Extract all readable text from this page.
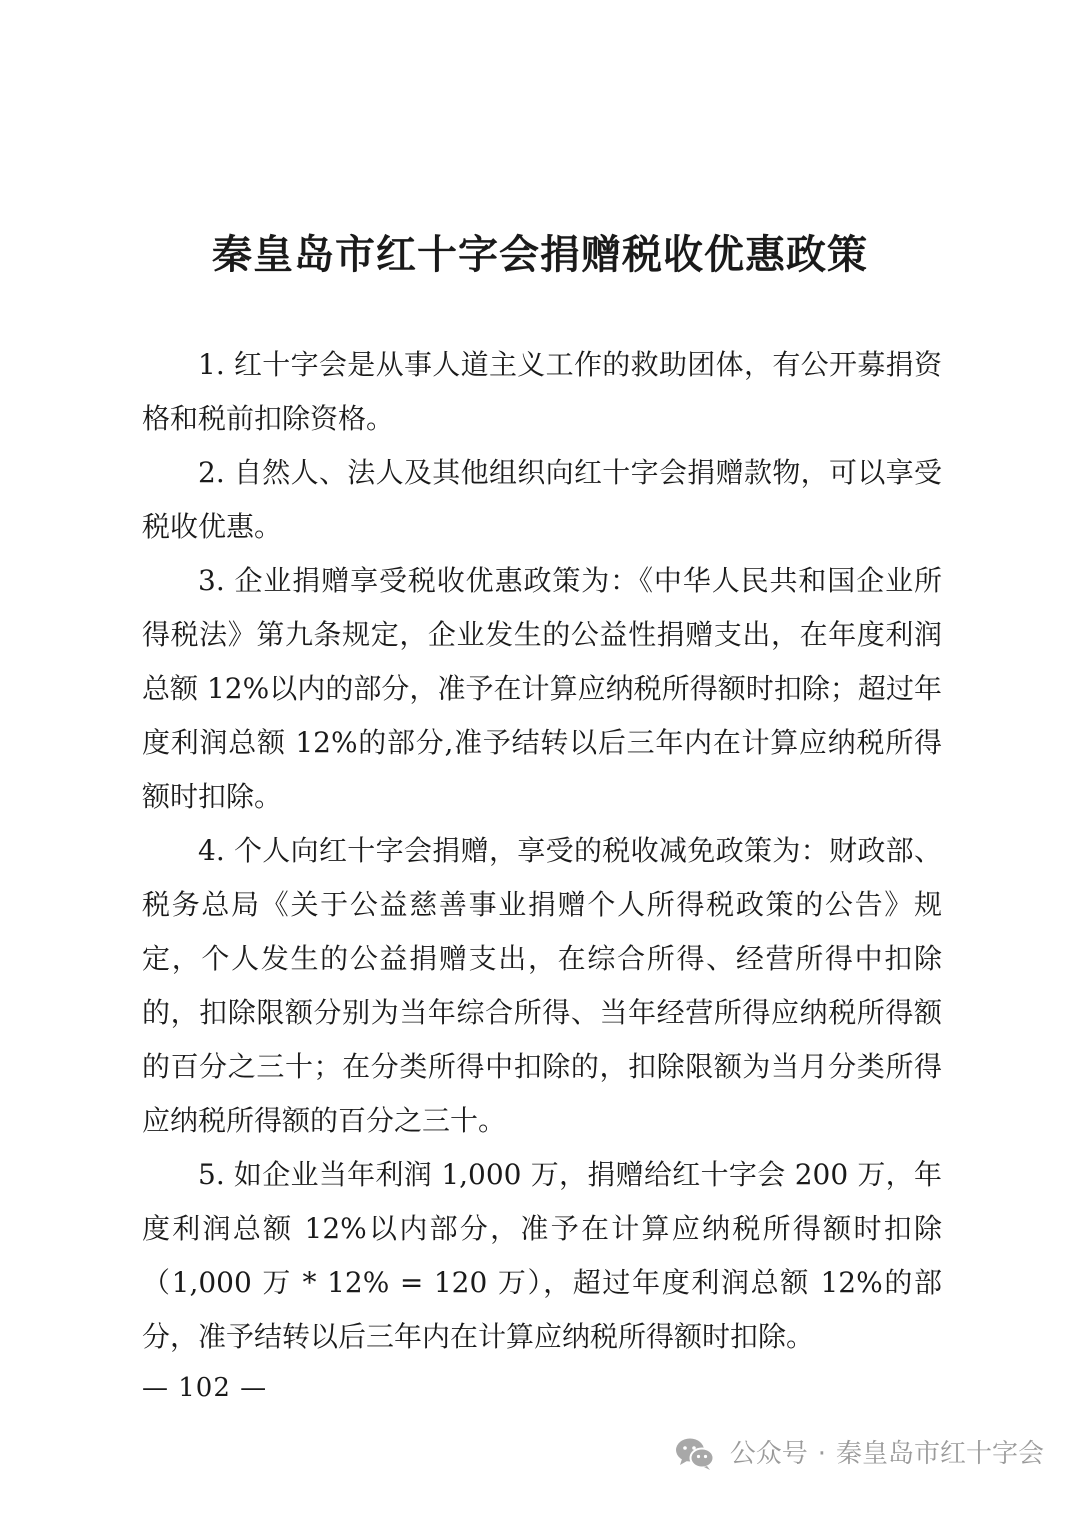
秦皇岛市红十字会捐赠税收优惠政策

1. 红十字会是从事人道主义工作的救助团体，有公开募捐资格和税前扣除资格。

2. 自然人、法人及其他组织向红十字会捐赠款物，可以享受税收优惠。

3. 企业捐赠享受税收优惠政策为：《中华人民共和国企业所得税法》第九条规定，企业发生的公益性捐赠支出，在年度利润总额 12%以内的部分，准予在计算应纳税所得额时扣除；超过年度利润总额 12%的部分,准予结转以后三年内在计算应纳税所得额时扣除。

4. 个人向红十字会捐赠，享受的税收减免政策为：财政部、税务总局《关于公益慈善事业捐赠个人所得税政策的公告》规定，个人发生的公益捐赠支出，在综合所得、经营所得中扣除的，扣除限额分别为当年综合所得、当年经营所得应纳税所得额的百分之三十；在分类所得中扣除的，扣除限额为当月分类所得应纳税所得额的百分之三十。

5. 如企业当年利润 1,000 万，捐赠给红十字会 200 万，年度利润总额 12%以内部分，准予在计算应纳税所得额时扣除（1,000 万 * 12% = 120 万），超过年度利润总额 12%的部分，准予结转以后三年内在计算应纳税所得额时扣除。

— 102 —
公众号 · 秦皇岛市红十字会
